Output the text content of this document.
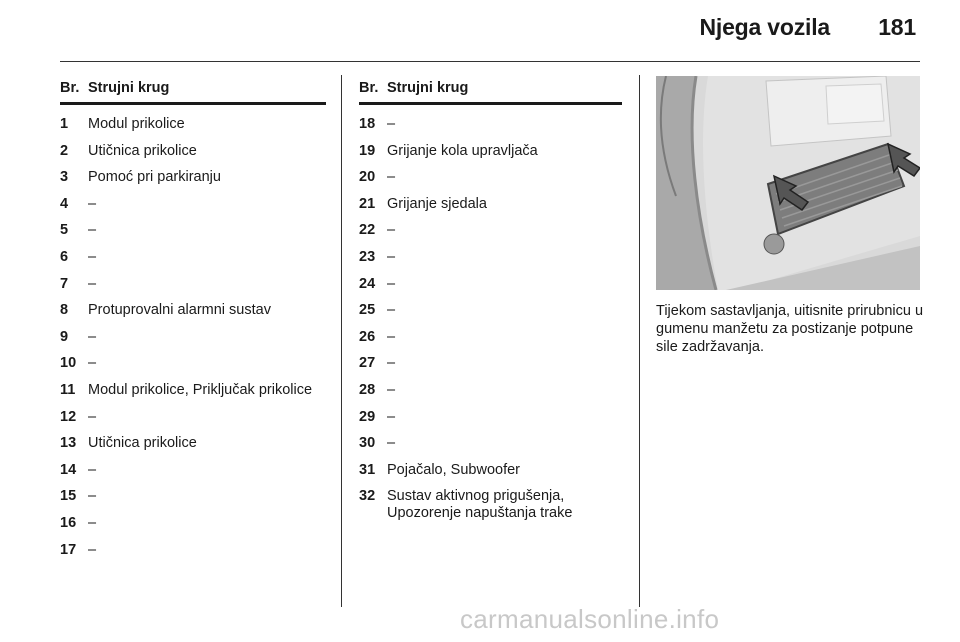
Njega vozila 181
Br. Strujni krug
1	Modul prikolice
2	Utičnica prikolice
3	Pomoć pri parkiranju
4	–
5	–
6	–
7	–
8	Protuprovalni alarmni sustav
9	–
10 –
11 Modul prikolice, Priključak prikolice
12 –
13 Utičnica prikolice
14 –
15 –
16 –
17 –
Br. Strujni krug
18 –
19 Grijanje kola upravljača
20 –
21 Grijanje sjedala
22 –
23 –
24 –
25 –
26 –
27 –
28 –
29 –
30 –
31 Pojačalo, Subwoofer
32 Sustav aktivnog prigušenja, Upozorenje napuštanja trake
Tijekom sastavljanja, uitisnite prirubnicu u gumenu manžetu za postizanje potpune sile zadržavanja.
carmanualsonline.info
